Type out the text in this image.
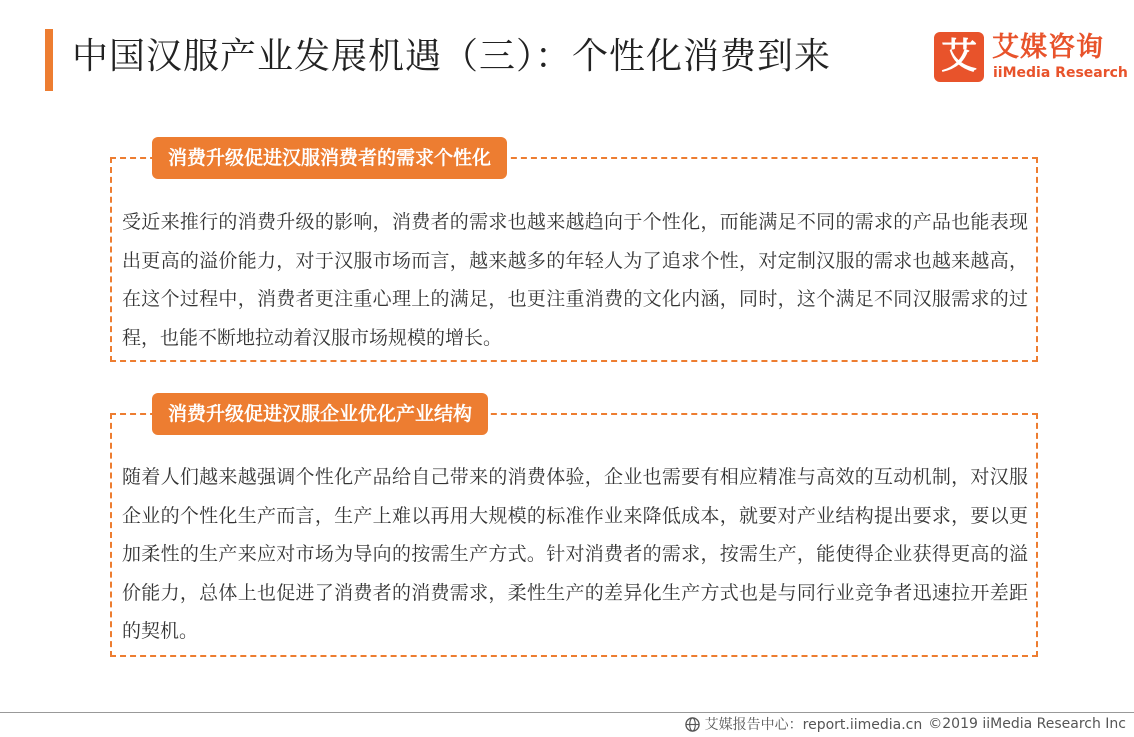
中国汉服产业发展机遇（三）：个性化消费到来	艾 艾媒咨询
iiMedia Research
消费升级促进汉服消费者的需求个性化
受近来推行的消费升级的影响，消费者的需求也越来越趋向于个性化，而能满足不同的需求的产品也能表现出更高的溢价能力，对于汉服市场而言，越来越多的年轻人为了追求个性，对定制汉服的需求也越来越高，在这个过程中，消费者更注重心理上的满足，也更注重消费的文化内涵，同时，这个满足不同汉服需求的过程，也能不断地拉动着汉服市场规模的增长。
消费升级促进汉服企业优化产业结构
随着人们越来越强调个性化产品给自己带来的消费体验，企业也需要有相应精准与高效的互动机制，对汉服企业的个性化生产而言，生产上难以再用大规模的标准作业来降低成本，就要对产业结构提出要求，要以更加柔性的生产来应对市场为导向的按需生产方式。针对消费者的需求，按需生产，能使得企业获得更高的溢价能力，总体上也促进了消费者的消费需求，柔性生产的差异化生产方式也是与同行业竞争者迅速拉开差距的契机。
艾媒报告中心：report.iimedia.cn ©2019 iiMedia Research Inc
